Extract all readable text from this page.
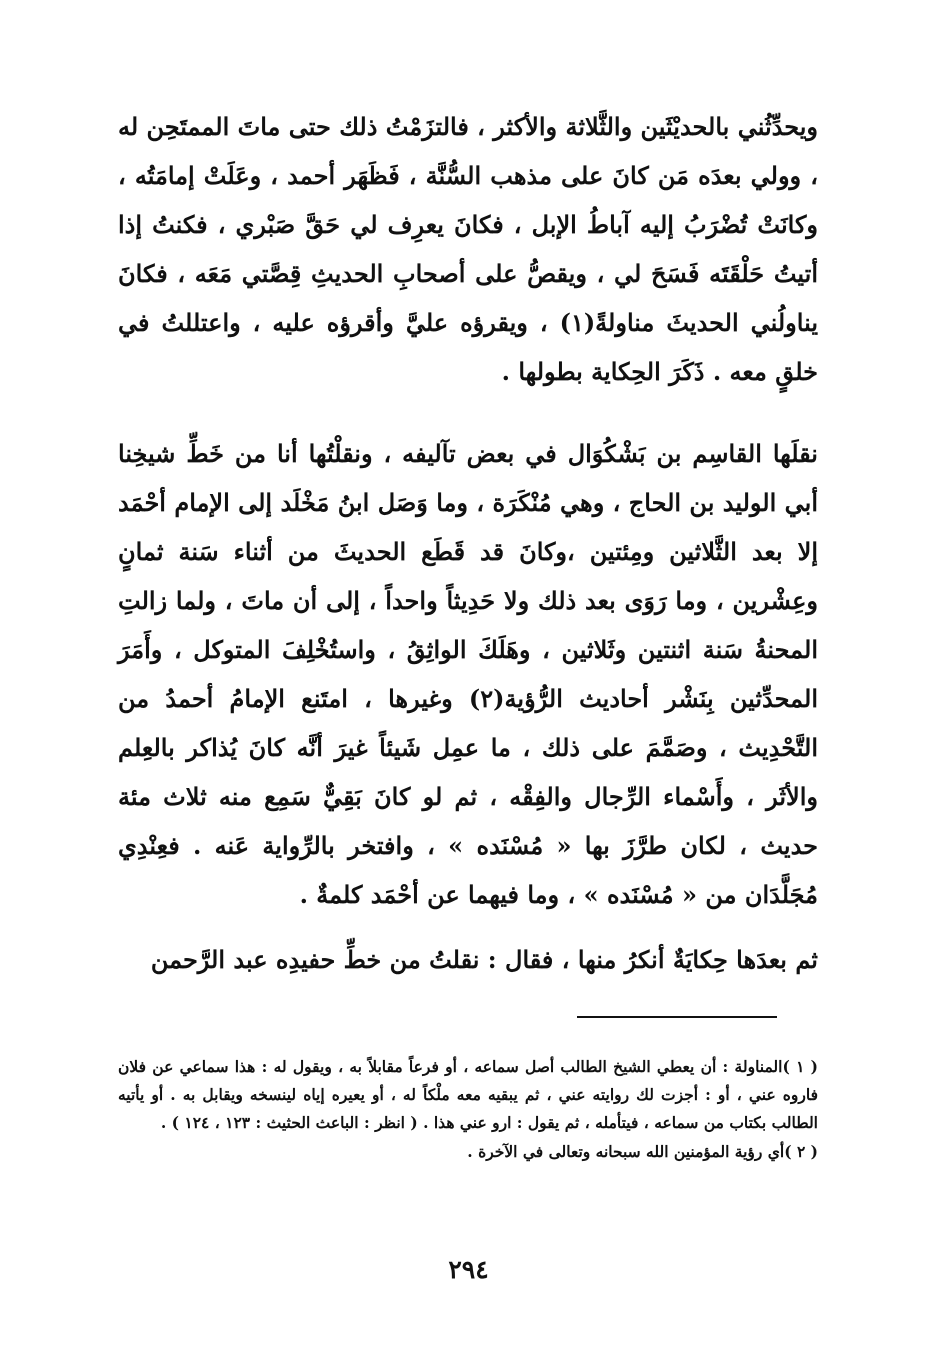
ويحدِّثُني بالحديْثَين والثَّلاثة والأكثر ، فالتزَمْتُ ذلك حتى ماتَ الممتَحِن له ، وولي بعدَه مَن كانَ على مذهب السُّنَّة ، فَظَهَر أحمد ، وعَلَتْ إمامَتُه ، وكانَتْ تُضْرَبُ إليه آباطُ الإبل ، فكانَ يعرِف لي حَقَّ صَبْري ، فكنتُ إذا أتيتُ حَلْقَتَه فَسَحَ لي ، ويقصُّ على أصحابِ الحديثِ قِصَّتي مَعَه ، فكانَ يناولُني الحديثَ مناولةً(١) ، ويقرؤه عليَّ وأقرؤه عليه ، واعتللتُ في خلقٍ معه . ذَكَرَ الحِكاية بطولها .

نقلَها القاسِم بن بَشْكُوَال في بعض تآليفه ، ونقلْتُها أنا من خَطِّ شيخِنا أبي الوليد بن الحاج ، وهي مُنْكَرَة ، وما وَصَل ابنُ مَخْلَد إلى الإمام أحْمَد إلا بعد الثَّلاثين ومِئتين ،وكانَ قد قَطَع الحديثَ من أثناء سَنة ثمانٍ وعِشْرين ، وما رَوَى بعد ذلك ولا حَدِيثاً واحداً ، إلى أن ماتَ ، ولما زالتِ المحنةُ سَنة اثنتين وثَلاثين ، وهَلَكَ الواثِقُ ، واستُخْلِفَ المتوكل ، وأَمَرَ المحدِّثين بِنَشْر أحاديث الرُّؤية(٢) وغيرها ، امتَنع الإمامُ أحمدُ من التَّحْدِيث ، وصَمَّمَ على ذلك ، ما عمِل شَيئاً غيرَ أنَّه كانَ يُذاكر بالعِلم والأثَر ، وأَسْماء الرِّجال والفِقْه ، ثم لو كانَ بَقِيٌّ سَمِع منه ثلاث مئة حديث ، لكان طرَّزَ بها « مُسْنَده » ، وافتخر بالرِّواية عَنه . فعِنْدِي مُجَلَّدَان من « مُسْنَده » ، وما فيهما عن أحْمَد كلمةٌ .

ثم بعدَها حِكايَةٌ أنكرُ منها ، فقال : نقلتُ من خطِّ حفيدِه عبد الرَّحمن

( ١ )المناولة : أن يعطي الشيخ الطالب أصل سماعه ، أو فرعاً مقابلاً به ، ويقول له : هذا سماعي عن فلان فاروه عني ، أو : أجزت لك روايته عني ، ثم يبقيه معه ملْكاً له ، أو يعيره إياه لينسخه ويقابل به . أو يأتيه الطالب بكتاب من سماعه ، فيتأمله ، ثم يقول : ارو عني هذا . ( انظر : الباعث الحثيث : ١٢٣ ، ١٢٤ ) .

( ٢ )أي رؤية المؤمنين الله سبحانه وتعالى في الآخرة .

٢٩٤
